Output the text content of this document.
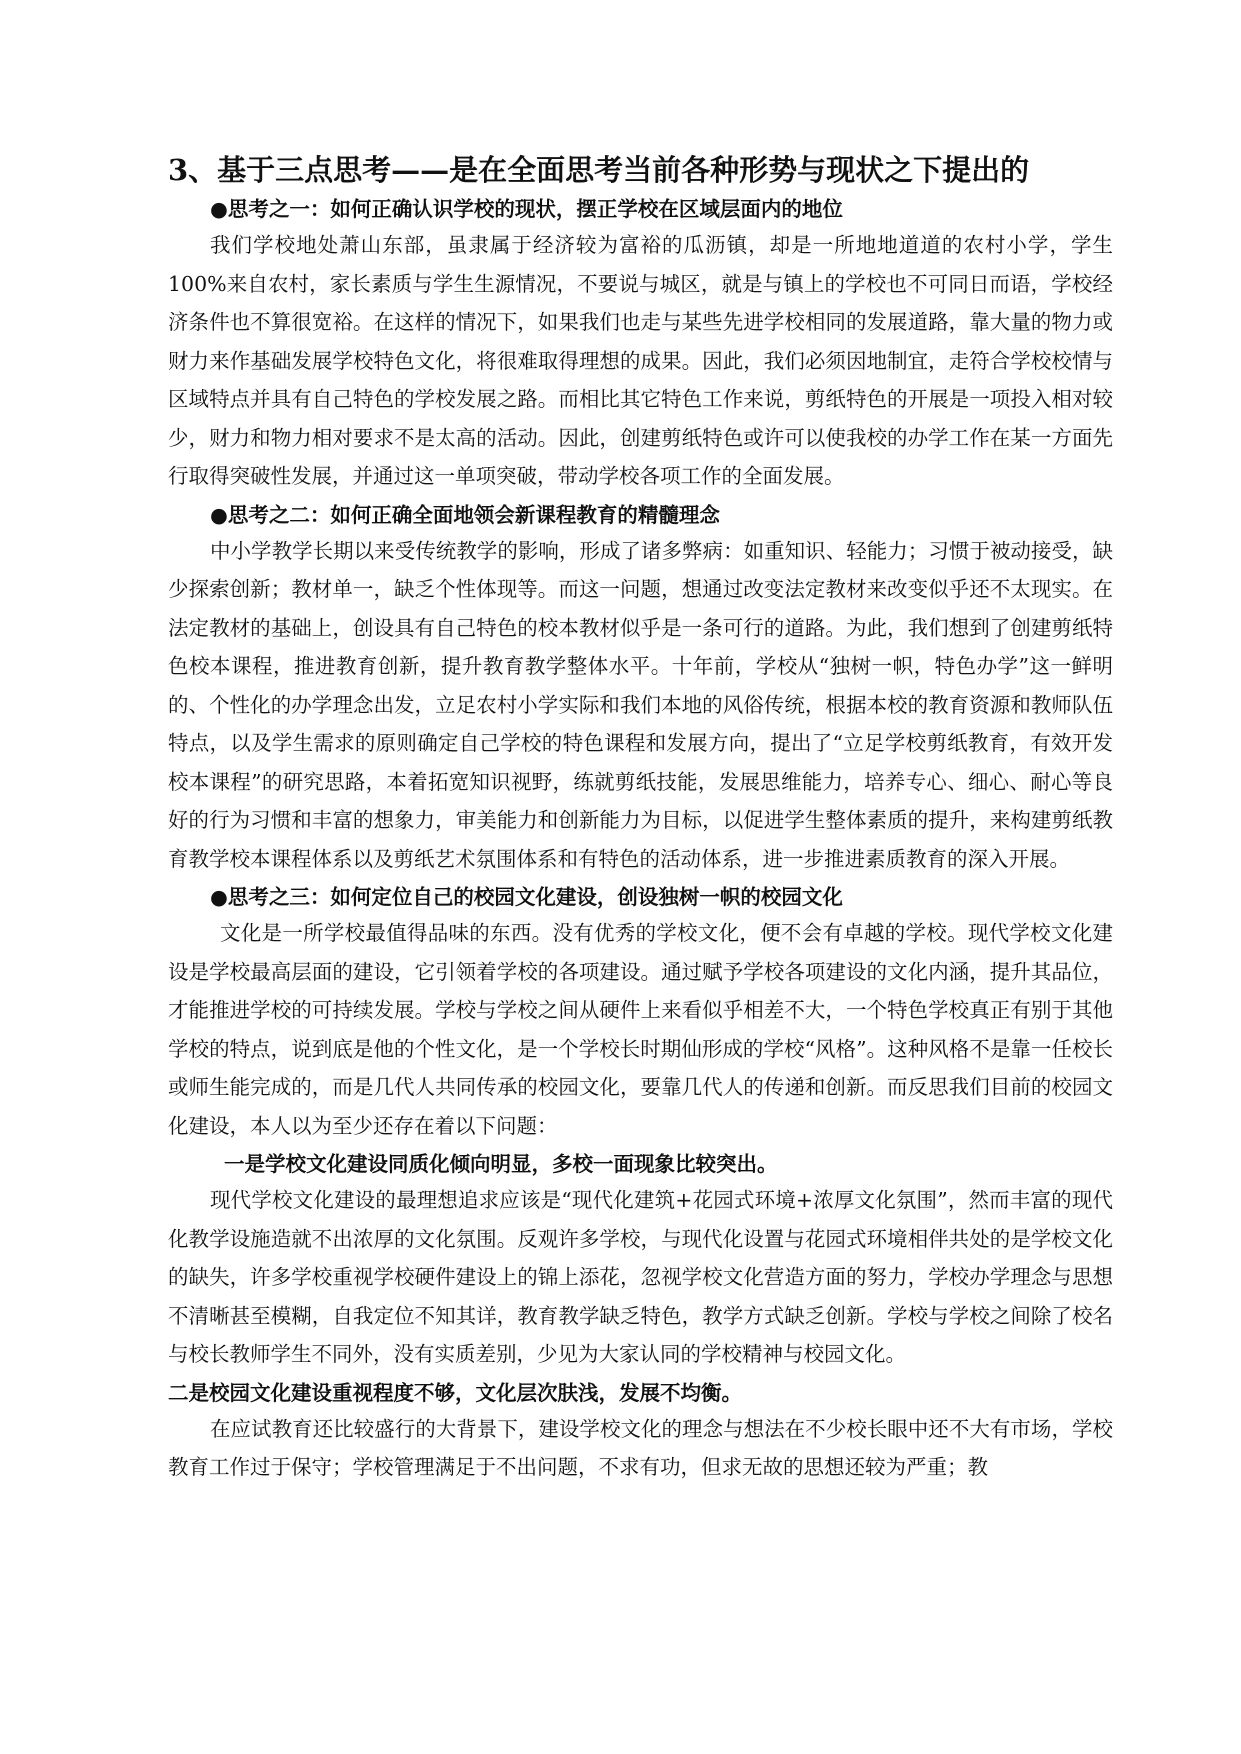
3、基于三点思考——是在全面思考当前各种形势与现状之下提出的

●思考之一：如何正确认识学校的现状，摆正学校在区域层面内的地位

我们学校地处萧山东部，虽隶属于经济较为富裕的瓜沥镇，却是一所地地道道的农村小学，学生100%来自农村，家长素质与学生生源情况，不要说与城区，就是与镇上的学校也不可同日而语，学校经济条件也不算很宽裕。在这样的情况下，如果我们也走与某些先进学校相同的发展道路，靠大量的物力或财力来作基础发展学校特色文化，将很难取得理想的成果。因此，我们必须因地制宜，走符合学校校情与区域特点并具有自己特色的学校发展之路。而相比其它特色工作来说，剪纸特色的开展是一项投入相对较少，财力和物力相对要求不是太高的活动。因此，创建剪纸特色或许可以使我校的办学工作在某一方面先行取得突破性发展，并通过这一单项突破，带动学校各项工作的全面发展。

●思考之二：如何正确全面地领会新课程教育的精髓理念

中小学教学长期以来受传统教学的影响，形成了诸多弊病：如重知识、轻能力；习惯于被动接受，缺少探索创新；教材单一，缺乏个性体现等。而这一问题，想通过改变法定教材来改变似乎还不太现实。在法定教材的基础上，创设具有自己特色的校本教材似乎是一条可行的道路。为此，我们想到了创建剪纸特色校本课程，推进教育创新，提升教育教学整体水平。十年前，学校从“独树一帜，特色办学”这一鲜明的、个性化的办学理念出发，立足农村小学实际和我们本地的风俗传统，根据本校的教育资源和教师队伍特点，以及学生需求的原则确定自己学校的特色课程和发展方向，提出了“立足学校剪纸教育，有效开发校本课程”的研究思路，本着拓宽知识视野，练就剪纸技能，发展思维能力，培养专心、细心、耐心等良好的行为习惯和丰富的想象力，审美能力和创新能力为目标，以促进学生整体素质的提升，来构建剪纸教育教学校本课程体系以及剪纸艺术氛围体系和有特色的活动体系，进一步推进素质教育的深入开展。

●思考之三：如何定位自己的校园文化建设，创设独树一帜的校园文化

文化是一所学校最值得品味的东西。没有优秀的学校文化，便不会有卓越的学校。现代学校文化建设是学校最高层面的建设，它引领着学校的各项建设。通过赋予学校各项建设的文化内涵，提升其品位，才能推进学校的可持续发展。学校与学校之间从硬件上来看似乎相差不大，一个特色学校真正有别于其他学校的特点，说到底是他的个性文化，是一个学校长时期仙形成的学校“风格”。这种风格不是靠一任校长或师生能完成的，而是几代人共同传承的校园文化，要靠几代人的传递和创新。而反思我们目前的校园文化建设，本人以为至少还存在着以下问题：

一是学校文化建设同质化倾向明显，多校一面现象比较突出。

现代学校文化建设的最理想追求应该是“现代化建筑+花园式环境+浓厚文化氛围”，然而丰富的现代化教学设施造就不出浓厚的文化氛围。反观许多学校，与现代化设置与花园式环境相伴共处的是学校文化的缺失，许多学校重视学校硬件建设上的锦上添花，忽视学校文化营造方面的努力，学校办学理念与思想不清晰甚至模糊，自我定位不知其详，教育教学缺乏特色，教学方式缺乏创新。学校与学校之间除了校名与校长教师学生不同外，没有实质差别，少见为大家认同的学校精神与校园文化。

二是校园文化建设重视程度不够，文化层次肤浅，发展不均衡。

在应试教育还比较盛行的大背景下，建设学校文化的理念与想法在不少校长眼中还不大有市场，学校教育工作过于保守；学校管理满足于不出问题，不求有功，但求无故的思想还较为严重；教
